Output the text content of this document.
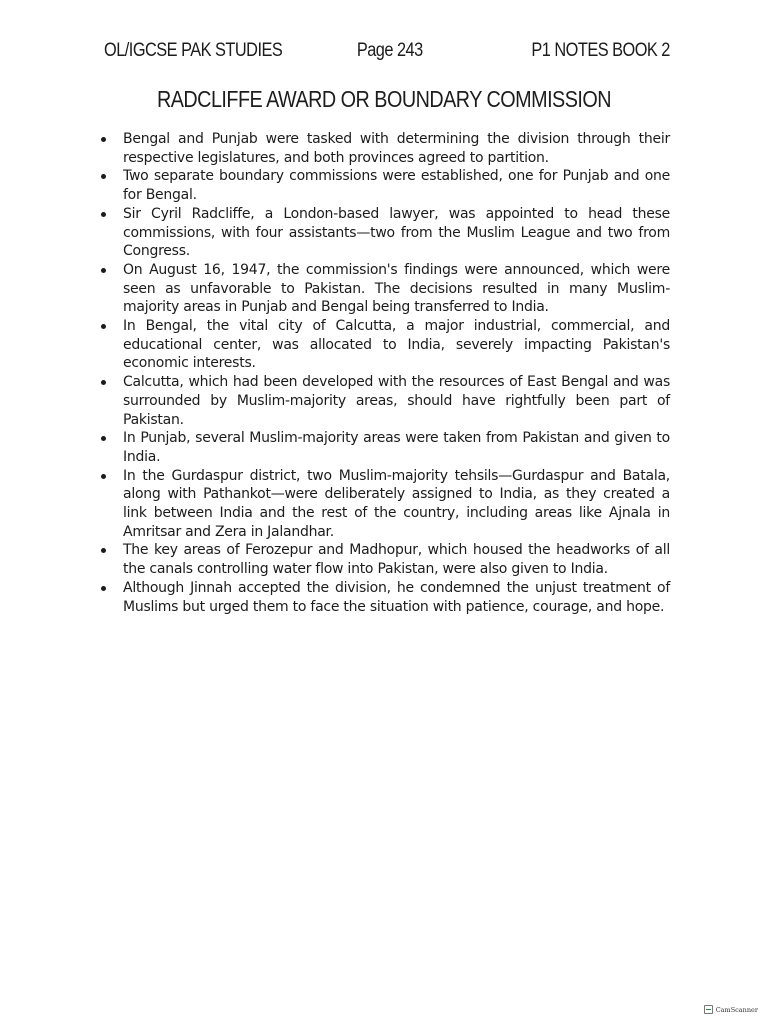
OL/IGCSE PAK STUDIES	Page 243	P1 NOTES BOOK 2
RADCLIFFE AWARD OR BOUNDARY COMMISSION
Bengal and Punjab were tasked with determining the division through their respective legislatures, and both provinces agreed to partition.
Two separate boundary commissions were established, one for Punjab and one for Bengal.
Sir Cyril Radcliffe, a London-based lawyer, was appointed to head these commissions, with four assistants—two from the Muslim League and two from Congress.
On August 16, 1947, the commission's findings were announced, which were seen as unfavorable to Pakistan. The decisions resulted in many Muslim-majority areas in Punjab and Bengal being transferred to India.
In Bengal, the vital city of Calcutta, a major industrial, commercial, and educational center, was allocated to India, severely impacting Pakistan's economic interests.
Calcutta, which had been developed with the resources of East Bengal and was surrounded by Muslim-majority areas, should have rightfully been part of Pakistan.
In Punjab, several Muslim-majority areas were taken from Pakistan and given to India.
In the Gurdaspur district, two Muslim-majority tehsils—Gurdaspur and Batala, along with Pathankot—were deliberately assigned to India, as they created a link between India and the rest of the country, including areas like Ajnala in Amritsar and Zera in Jalandhar.
The key areas of Ferozepur and Madhopur, which housed the headworks of all the canals controlling water flow into Pakistan, were also given to India.
Although Jinnah accepted the division, he condemned the unjust treatment of Muslims but urged them to face the situation with patience, courage, and hope.
CamScanner
